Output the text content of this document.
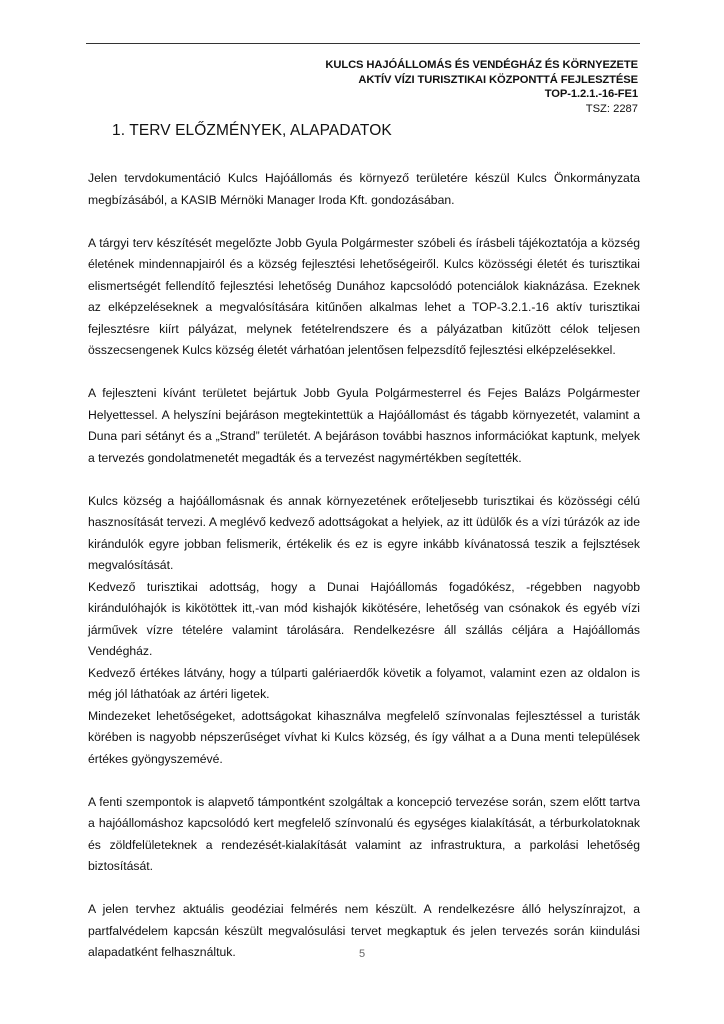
KULCS HAJÓÁLLOMÁS ÉS VENDÉGHÁZ ÉS KÖRNYEZETE
AKTÍV VÍZI TURISZTIKAI KÖZPONTTÁ FEJLESZTÉSE
TOP-1.2.1.-16-FE1
TSZ: 2287
1. TERV ELŐZMÉNYEK, ALAPADATOK

Jelen tervdokumentáció Kulcs Hajóállomás és környező területére készül Kulcs Önkormányzata megbízásából, a KASIB Mérnöki Manager Iroda Kft. gondozásában.

A tárgyi terv készítését megelőzte Jobb Gyula Polgármester szóbeli és írásbeli tájékoztatója a község életének mindennapjairól és a község fejlesztési lehetőségeiről. Kulcs közösségi életét és turisztikai elismertségét fellendítő fejlesztési lehetőség Dunához kapcsolódó potenciálok kiaknázása. Ezeknek az elképzeléseknek a megvalósítására kitűnően alkalmas lehet a TOP-3.2.1.-16 aktív turisztikai fejlesztésre kiírt pályázat, melynek fetételrendszere és a pályázatban kitűzött célok teljesen összecsengenek Kulcs község életét várhatóan jelentősen felpezsdítő fejlesztési elképzelésekkel.

A fejleszteni kívánt területet bejártuk Jobb Gyula Polgármesterrel és Fejes Balázs Polgármester Helyettessel. A helyszíni bejáráson megtekintettük a Hajóállomást és tágabb környezetét, valamint a Duna pari sétányt és a „Strand” területét. A bejáráson további hasznos információkat kaptunk, melyek a tervezés gondolatmenetét megadták és a tervezést nagymértékben segítették.

Kulcs község a hajóállomásnak és annak környezetének erőteljesebb turisztikai és közösségi célú hasznosítását tervezi. A meglévő kedvező adottságokat a helyiek, az itt üdülők és a vízi túrázók az ide kirándulók egyre jobban felismerik, értékelik és ez is egyre inkább kívánatossá teszik a fejlsztések megvalósítását.

Kedvező turisztikai adottság, hogy a Dunai Hajóállomás fogadókész, -régebben nagyobb kirándulóhajók is kikötöttek itt,-van mód kishajók kikötésére, lehetőség van csónakok és egyéb vízi járművek vízre tételére valamint tárolására. Rendelkezésre áll szállás céljára a Hajóállomás Vendégház.

Kedvező értékes látvány, hogy a túlparti galériaerdők követik a folyamot, valamint ezen az oldalon is még jól láthatóak az ártéri ligetek.

Mindezeket lehetőségeket, adottságokat kihasználva megfelelő színvonalas fejlesztéssel a turisták körében is nagyobb népszerűséget vívhat ki Kulcs község, és így válhat a a Duna menti települések értékes gyöngyszemévé.

A fenti szempontok is alapvető támpontként szolgáltak a koncepció tervezése során, szem előtt tartva a hajóállomáshoz kapcsolódó kert megfelelő színvonalú és egységes kialakítását, a térburkolatoknak és zöldfelületeknek a rendezését-kialakítását valamint az infrastruktura, a parkolási lehetőség biztosítását.

A jelen tervhez aktuális geodéziai felmérés nem készült. A rendelkezésre álló helyszínrajzot, a partfalvédelem kapcsán készült megvalósulási tervet megkaptuk és jelen tervezés során kiindulási alapadatként felhasználtuk.	5
